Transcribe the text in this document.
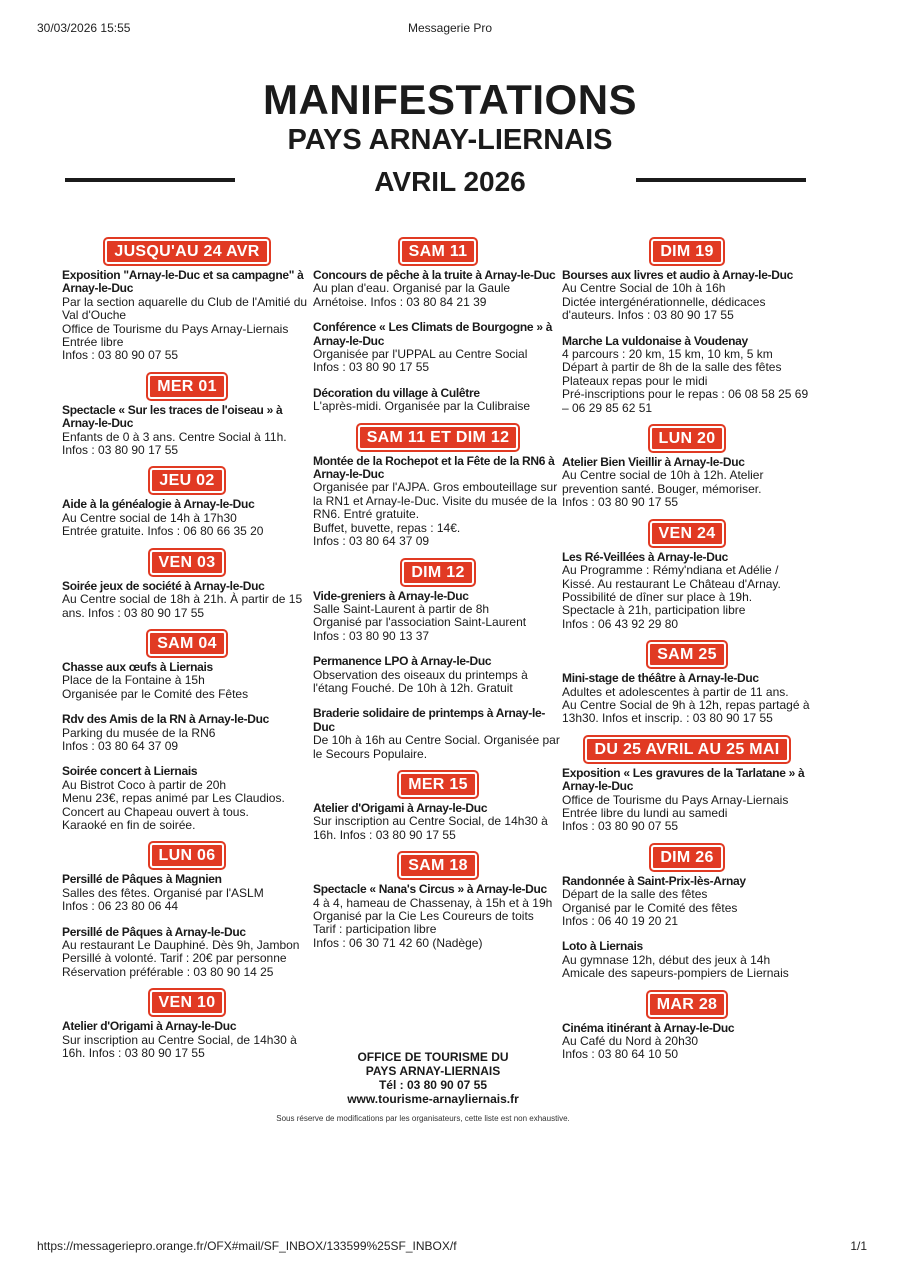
30/03/2026 15:55	Messagerie Pro
MANIFESTATIONS
PAYS ARNAY-LIERNAIS
AVRIL 2026
JUSQU'AU 24 AVR
Exposition "Arnay-le-Duc et sa campagne" à Arnay-le-Duc
Par la section aquarelle du Club de l'Amitié du Val d'Ouche
Office de Tourisme du Pays Arnay-Liernais
Entrée libre
Infos : 03 80 90 07 55
MER 01
Spectacle « Sur les traces de l'oiseau » à Arnay-le-Duc
Enfants de 0 à 3 ans. Centre Social à 11h.
Infos : 03 80 90 17 55
JEU 02
Aide à la généalogie à Arnay-le-Duc
Au Centre social de 14h à 17h30
Entrée gratuite. Infos : 06 80 66 35 20
VEN 03
Soirée jeux de société à Arnay-le-Duc
Au Centre social de 18h à 21h. À partir de 15 ans. Infos : 03 80 90 17 55
SAM 04
Chasse aux œufs à Liernais
Place de la Fontaine à 15h
Organisée par le Comité des Fêtes
Rdv des Amis de la RN à Arnay-le-Duc
Parking du musée de la RN6
Infos : 03 80 64 37 09
Soirée concert à Liernais
Au Bistrot Coco à partir de 20h
Menu 23€, repas animé par Les Claudios.
Concert au Chapeau ouvert à tous.
Karaoké en fin de soirée.
LUN 06
Persillé de Pâques à Magnien
Salles des fêtes. Organisé par l'ASLM
Infos : 06 23 80 06 44
Persillé de Pâques à Arnay-le-Duc
Au restaurant Le Dauphiné. Dès 9h, Jambon Persillé à volonté. Tarif : 20€ par personne
Réservation préférable : 03 80 90 14 25
VEN 10
Atelier d'Origami à Arnay-le-Duc
Sur inscription au Centre Social, de 14h30 à 16h. Infos : 03 80 90 17 55
SAM 11
Concours de pêche à la truite à Arnay-le-Duc
Au plan d'eau. Organisé par la Gaule Arnétoise. Infos : 03 80 84 21 39
Conférence « Les Climats de Bourgogne » à Arnay-le-Duc
Organisée par l'UPPAL au Centre Social
Infos : 03 80 90 17 55
Décoration du village à Culêtre
L'après-midi. Organisée par la Culibraise
SAM 11 ET DIM 12
Montée de la Rochepot et la Fête de la RN6 à Arnay-le-Duc
Organisée par l'AJPA. Gros embouteillage sur la RN1 et Arnay-le-Duc. Visite du musée de la RN6. Entré gratuite.
Buffet, buvette, repas : 14€.
Infos : 03 80 64 37 09
DIM 12
Vide-greniers à Arnay-le-Duc
Salle Saint-Laurent à partir de 8h
Organisé par l'association Saint-Laurent
Infos : 03 80 90 13 37
Permanence LPO à Arnay-le-Duc
Observation des oiseaux du printemps à l'étang Fouché. De 10h à 12h. Gratuit
Braderie solidaire de printemps à Arnay-le-Duc
De 10h à 16h au Centre Social. Organisée par le Secours Populaire.
MER 15
Atelier d'Origami à Arnay-le-Duc
Sur inscription au Centre Social, de 14h30 à 16h. Infos : 03 80 90 17 55
SAM 18
Spectacle « Nana's Circus » à Arnay-le-Duc
4 à 4, hameau de Chassenay, à 15h et à 19h
Organisé par la Cie Les Coureurs de toits
Tarif : participation libre
Infos : 06 30 71 42 60 (Nadège)
DIM 19
Bourses aux livres et audio à Arnay-le-Duc
Au Centre Social de 10h à 16h
Dictée intergénérationnelle, dédicaces d'auteurs. Infos : 03 80 90 17 55
Marche La vuldonaise à Voudenay
4 parcours : 20 km, 15 km, 10 km, 5 km
Départ à partir de 8h de la salle des fêtes
Plateaux repas pour le midi
Pré-inscriptions pour le repas : 06 08 58 25 69 – 06 29 85 62 51
LUN 20
Atelier Bien Vieillir à Arnay-le-Duc
Au Centre social de 10h à 12h. Atelier prevention santé. Bouger, mémoriser.
Infos : 03 80 90 17 55
VEN 24
Les Ré-Veillées à Arnay-le-Duc
Au Programme : Rémy'ndiana et Adélie / Kissé. Au restaurant Le Château d'Arnay.
Possibilité de dîner sur place à 19h.
Spectacle à 21h, participation libre
Infos : 06 43 92 29 80
SAM 25
Mini-stage de théâtre à Arnay-le-Duc
Adultes et adolescentes à partir de 11 ans.
Au Centre Social de 9h à 12h, repas partagé à 13h30. Infos et inscrip. : 03 80 90 17 55
DU 25 AVRIL AU 25 MAI
Exposition « Les gravures de la Tarlatane » à Arnay-le-Duc
Office de Tourisme du Pays Arnay-Liernais
Entrée libre du lundi au samedi
Infos : 03 80 90 07 55
DIM 26
Randonnée à Saint-Prix-lès-Arnay
Départ de la salle des fêtes
Organisé par le Comité des fêtes
Infos : 06 40 19 20 21
Loto à Liernais
Au gymnase 12h, début des jeux à 14h
Amicale des sapeurs-pompiers de Liernais
MAR 28
Cinéma itinérant à Arnay-le-Duc
Au Café du Nord à 20h30
Infos : 03 80 64 10 50
OFFICE DE TOURISME DU
PAYS ARNAY-LIERNAIS
Tél : 03 80 90 07 55
www.tourisme-arnayliernais.fr
Sous réserve de modifications par les organisateurs, cette liste est non exhaustive.
https://messageriepro.orange.fr/OFX#mail/SF_INBOX/133599%25SF_INBOX/f	1/1
